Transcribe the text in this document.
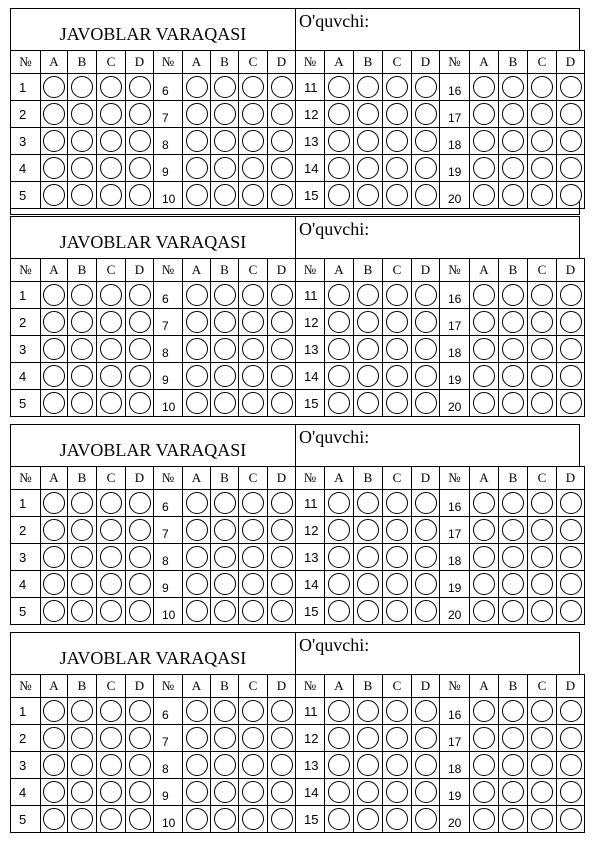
JAVOBLAR VARAQASI
O'quvchi:
№	A	B	C	D	№	A	B	C	D	№	A	B	C	D	№	A	B	C	D
1					6					11					16				
2					7					12					17				
3					8					13					18				
4					9					14					19				
5					10					15					20				
JAVOBLAR VARAQASI
O'quvchi:
№	A	B	C	D	№	A	B	C	D	№	A	B	C	D	№	A	B	C	D
1					6					11					16				
2					7					12					17				
3					8					13					18				
4					9					14					19				
5					10					15					20				
JAVOBLAR VARAQASI
O'quvchi:
№	A	B	C	D	№	A	B	C	D	№	A	B	C	D	№	A	B	C	D
1					6					11					16				
2					7					12					17				
3					8					13					18				
4					9					14					19				
5					10					15					20				
JAVOBLAR VARAQASI
O'quvchi:
№	A	B	C	D	№	A	B	C	D	№	A	B	C	D	№	A	B	C	D
1					6					11					16				
2					7					12					17				
3					8					13					18				
4					9					14					19				
5					10					15					20				
